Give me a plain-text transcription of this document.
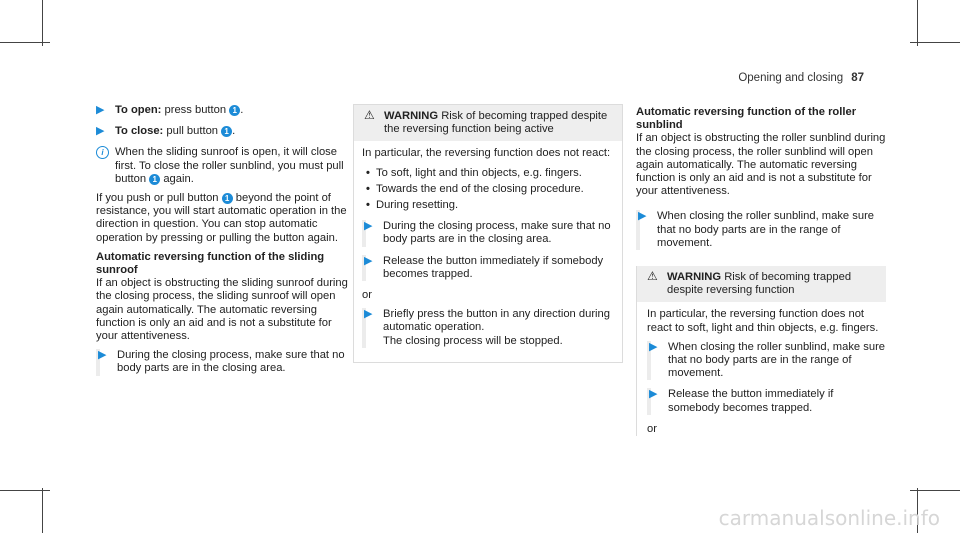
Opening and closing 87
▶ To open: press button 1 .
▶ To close: pull button 1 .
i	When the sliding sunroof is open, it will close first. To close the roller sunblind, you must pull button 1 again.

If you push or pull button 1 beyond the point of resistance, you will start automatic operation in the direction in question. You can stop automatic operation by pressing or pulling the button again.

Automatic reversing function of the sliding sunroof

If an object is obstructing the sliding sunroof during the closing process, the sliding sunroof will open again automatically. The automatic reversing function is only an aid and is not a substitute for your attentiveness.

▶ During the closing process, make sure that no body parts are in the closing area.
⚠ WARNING Risk of becoming trapped despite the reversing function being active

In particular, the reversing function does not react:

• To soft, light and thin objects, e.g. fingers.
• Towards the end of the closing procedure.
• During resetting.
▶ During the closing process, make sure that no body parts are in the closing area.
▶ Release the button immediately if somebody becomes trapped.

or

▶ Briefly press the button in any direction during automatic operation.
The closing process will be stopped.
Automatic reversing function of the roller sunblind

If an object is obstructing the roller sunblind during the closing process, the roller sunblind will open again automatically. The automatic reversing function is only an aid and is not a substitute for your attentiveness.

▶ When closing the roller sunblind, make sure that no body parts are in the range of movement.
⚠ WARNING Risk of becoming trapped despite reversing function

In particular, the reversing function does not react to soft, light and thin objects, e.g. fingers.

▶ When closing the roller sunblind, make sure that no body parts are in the range of movement.
▶ Release the button immediately if somebody becomes trapped.

or

carmanualsonline.info
